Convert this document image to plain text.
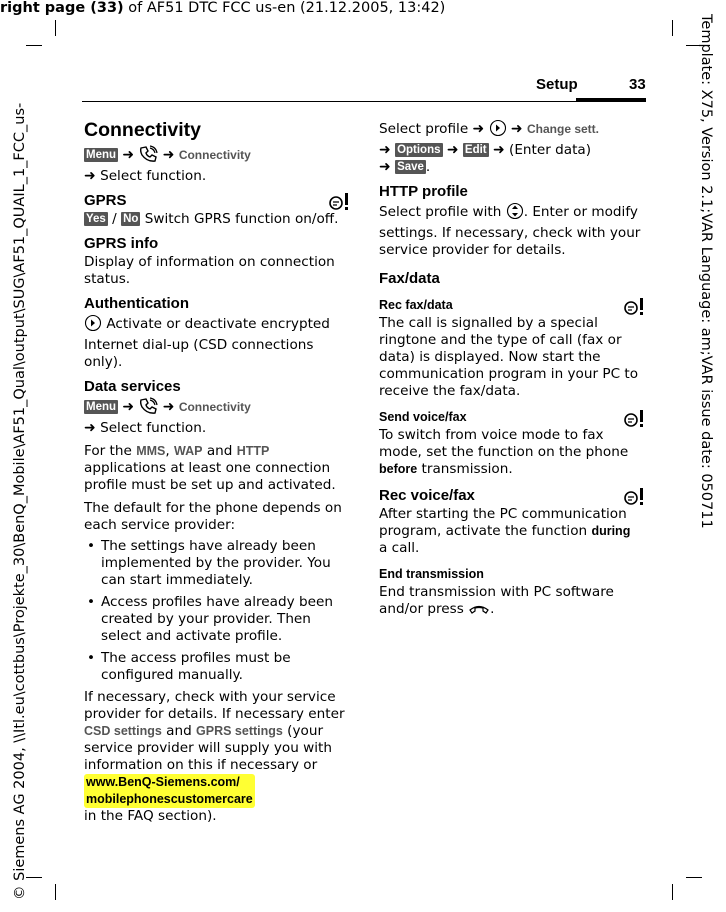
right page (33) of AF51 DTC FCC us-en (21.12.2005, 13:42)
© Siemens AG 2004, \\Itl.eu\cottbus\Projekte_30\BenQ_Mobile\AF51_Qual\output\SUG\AF51_QUAIL_1_FCC_us-	Template: X75, Version 2.1;VAR Language: am;VAR issue date: 050711
Setup	33
Connectivity
Menu ➜ ➜ Connectivity
➜ Select function.
GPRS
Yes / No Switch GPRS function on/off.
GPRS info
Display of information on connection status.
Authentication
Activate or deactivate encrypted Internet dial-up (CSD connections only).
Data services
Menu ➜ ➜ Connectivity
➜ Select function.
For the MMS, WAP and HTTP applications at least one connection profile must be set up and activated.
The default for the phone depends on each service provider:
• The settings have already been implemented by the provider. You can start immediately.
• Access profiles have already been created by your provider. Then select and activate profile.
• The access profiles must be configured manually.
If necessary, check with your service provider for details. If necessary enter CSD settings and GPRS settings (your service provider will supply you with information on this if necessary or
www.BenQ-Siemens.com/
mobilephonescustomercare
in the FAQ section).
Select profile ➜ ➜ Change sett.
➜ Options ➜ Edit ➜ (Enter data)
➜ Save .
HTTP profile
Select profile with . Enter or modify settings. If necessary, check with your service provider for details.
Fax/data
Rec fax/data
The call is signalled by a special ringtone and the type of call (fax or data) is displayed. Now start the communication program in your PC to receive the fax/data.
Send voice/fax
To switch from voice mode to fax mode, set the function on the phone before transmission.
Rec voice/fax
After starting the PC communication program, activate the function during
a call.
End transmission
End transmission with PC software and/or press .
